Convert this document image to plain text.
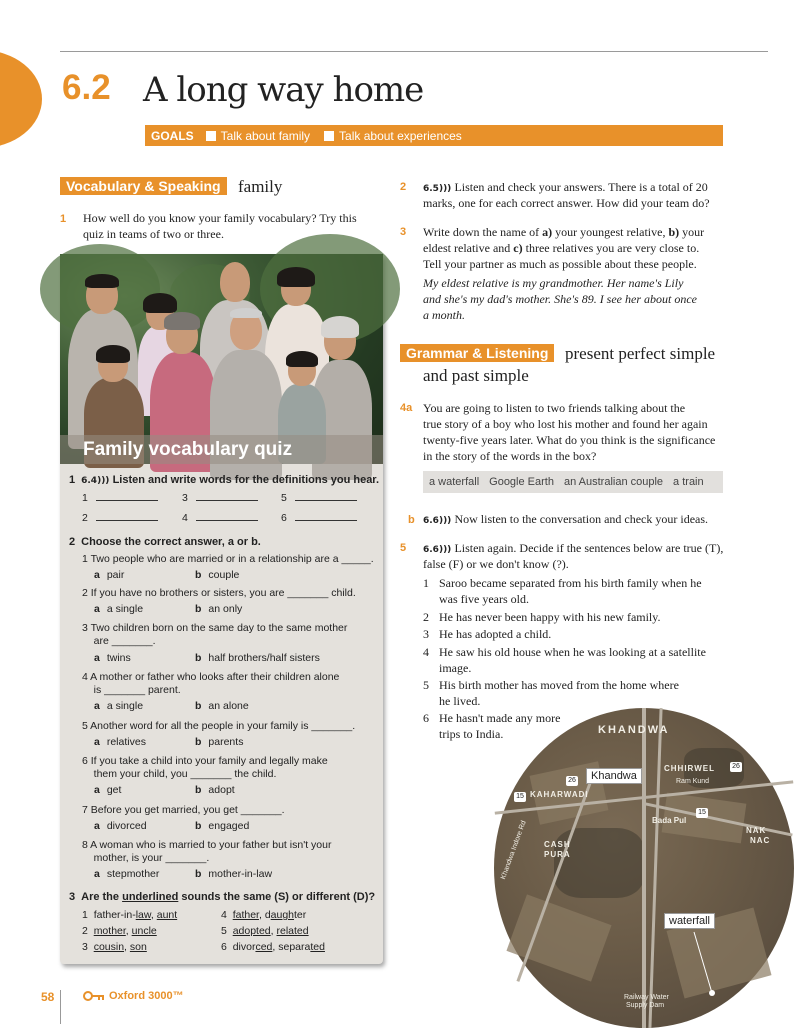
6.2 A long way home
GOALS Talk about family Talk about experiences
Vocabulary & Speaking	family
1 How well do you know your family vocabulary? Try this
quiz in teams of two or three.
Family vocabulary quiz
1 6.4))) Listen and write words for the definitions you hear.
1	3	5
2	4	6
2 Choose the correct answer, a or b.
1 Two people who are married or in a relationship are a _____.
a pair	b couple
2 If you have no brothers or sisters, you are _______ child.
a a single	b an only
3 Two children born on the same day to the same mother
are _______.
a twins	b half brothers/half sisters
4 A mother or father who looks after their children alone
is _______ parent.
a a single	b an alone
5 Another word for all the people in your family is _______.
a relatives	b parents
6 If you take a child into your family and legally make
them your child, you _______ the child.
a get	b adopt
7 Before you get married, you get _______.
a divorced	b engaged
8 A woman who is married to your father but isn't your
mother, is your _______.
a stepmother	b mother-in-law
3 Are the underlined sounds the same (S) or different (D)?
1 father-in-law, aunt
2 mother, uncle
3 cousin, son
4 father, daughter
5 adopted, related
6 divorced, separated
2 6.5))) Listen and check your answers. There is a total of 20
marks, one for each correct answer. How did your team do?
3 Write down the name of a) your youngest relative, b) your
eldest relative and c) three relatives you are very close to.
Tell your partner as much as possible about these people.
My eldest relative is my grandmother. Her name's Lily
and she's my dad's mother. She's 89. I see her about once
a month.
Grammar & Listening present perfect simple
and past simple
4a You are going to listen to two friends talking about the
true story of a boy who lost his mother and found her again
twenty-five years later. What do you think is the significance
in the story of the words in the box?
a waterfall Google Earth an Australian couple a train
b 6.6))) Now listen to the conversation and check your ideas.
5 6.6))) Listen again. Decide if the sentences below are true (T),
false (F) or we don't know (?).
1 Saroo became separated from his birth family when he
was five years old.
2 He has never been happy with his new family.
3 He has adopted a child.
4 He saw his old house when he was looking at a satellite
image.
5 His birth mother has moved from the home where
he lived.
6 He hasn't made any more
trips to India.	KHANDWA
CHHIRWEL
KAHARWADI
Bada Pul
CASH
PURA
NAK
NAC
Ram Kund
Railway Water
Supply Dam
Khandwa Indore Rd
26
15
26
15
Khandwa
waterfall
58	Oxford 3000™
